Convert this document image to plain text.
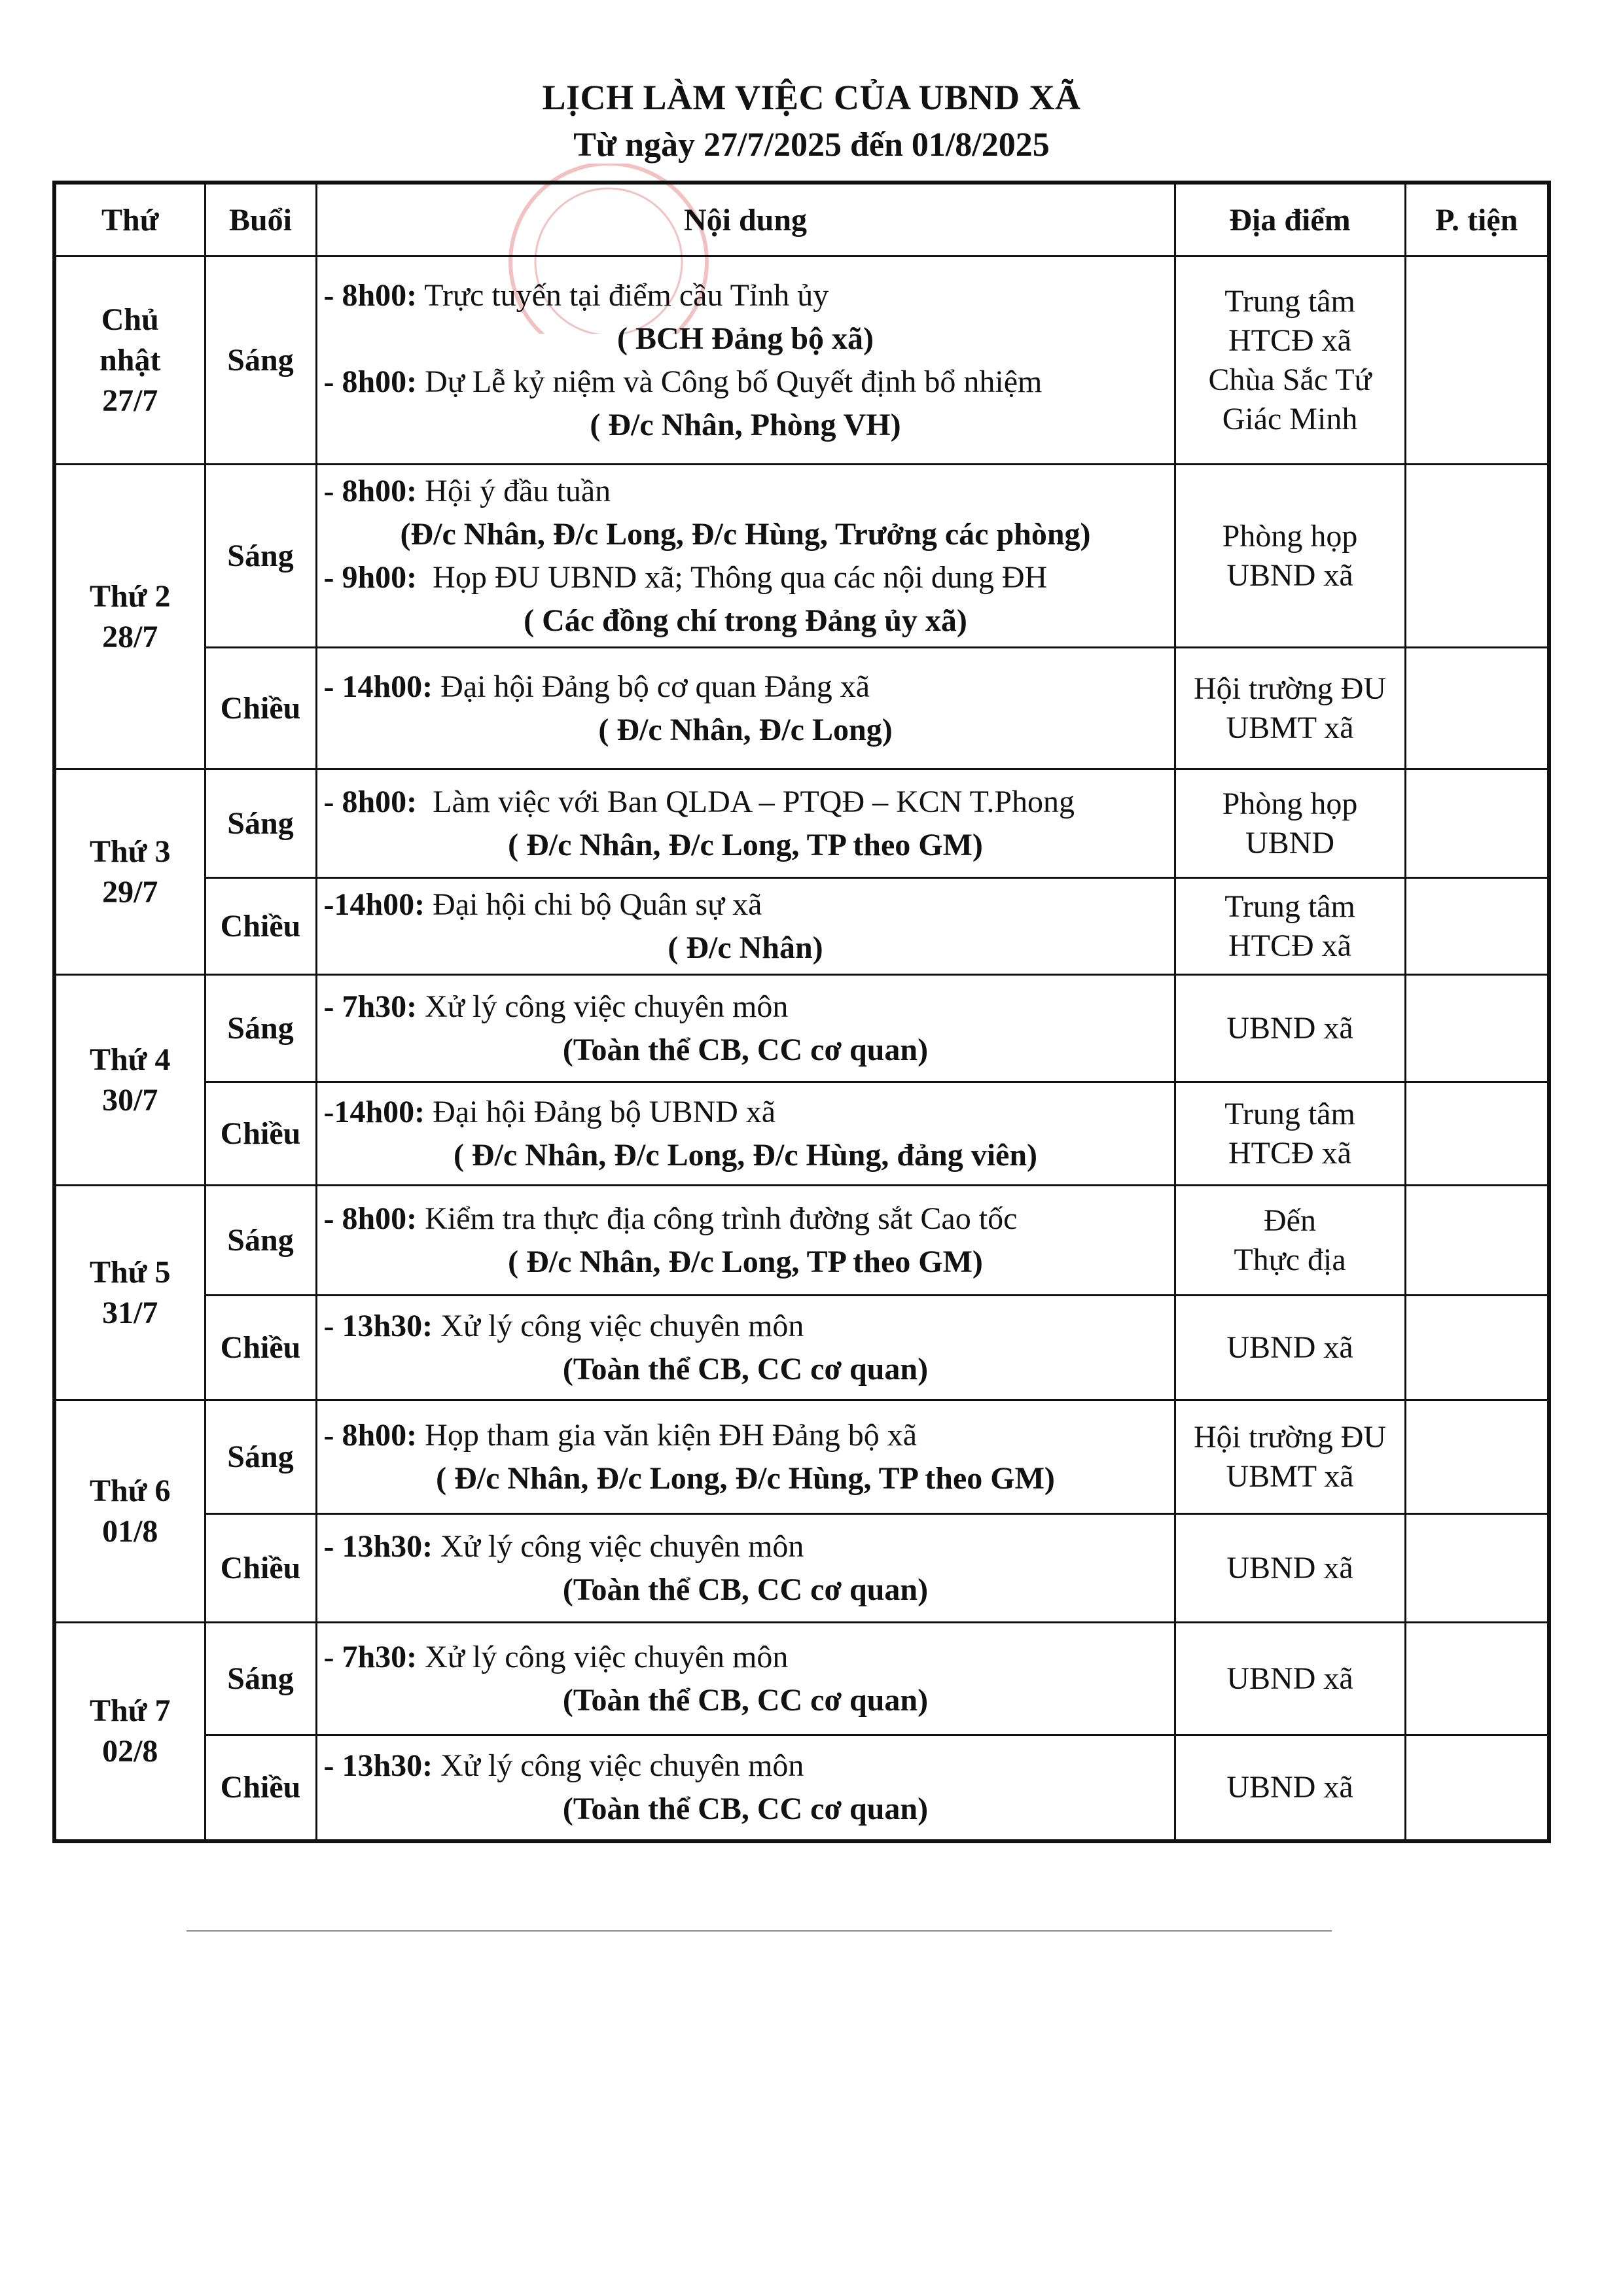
LỊCH LÀM VIỆC CỦA UBND XÃ
Từ ngày 27/7/2025 đến 01/8/2025
Thứ	Buổi	Nội dung	Địa điểm	P. tiện

Chủ
nhật
27/7	Sáng	- 8h00: Trực tuyến tại điểm cầu Tỉnh ủy
( BCH Đảng bộ xã)
- 8h00: Dự Lễ kỷ niệm và Công bố Quyết định bổ nhiệm
( Đ/c Nhân, Phòng VH)	Trung tâm
HTCĐ xã
Chùa Sắc Tứ
Giác Minh	

Thứ 2
28/7	Sáng	- 8h00: Hội ý đầu tuần
(Đ/c Nhân, Đ/c Long, Đ/c Hùng, Trưởng các phòng)
- 9h00:  Họp ĐU UBND xã; Thông qua các nội dung ĐH
( Các đồng chí trong Đảng ủy xã)	Phòng họp
UBND xã	

	Chiều	- 14h00: Đại hội Đảng bộ cơ quan Đảng xã
( Đ/c Nhân, Đ/c Long)	Hội trường ĐU
UBMT xã	

Thứ 3
29/7	Sáng	- 8h00:  Làm việc với Ban QLDA – PTQĐ – KCN T.Phong
( Đ/c Nhân, Đ/c Long, TP theo GM)	Phòng họp
UBND	

	Chiều	-14h00: Đại hội chi bộ Quân sự xã
( Đ/c Nhân)	Trung tâm
HTCĐ xã	

Thứ 4
30/7	Sáng	- 7h30: Xử lý công việc chuyên môn
(Toàn thể CB, CC cơ quan)	UBND xã	

	Chiều	-14h00: Đại hội Đảng bộ UBND xã
( Đ/c Nhân, Đ/c Long, Đ/c Hùng, đảng viên)	Trung tâm
HTCĐ xã	

Thứ 5
31/7	Sáng	- 8h00: Kiểm tra thực địa công trình đường sắt Cao tốc
( Đ/c Nhân, Đ/c Long, TP theo GM)	Đến
Thực địa	

	Chiều	- 13h30: Xử lý công việc chuyên môn
(Toàn thể CB, CC cơ quan)	UBND xã	

Thứ 6
01/8	Sáng	- 8h00: Họp tham gia văn kiện ĐH Đảng bộ xã
( Đ/c Nhân, Đ/c Long, Đ/c Hùng, TP theo GM)	Hội trường ĐU
UBMT xã	

	Chiều	- 13h30: Xử lý công việc chuyên môn
(Toàn thể CB, CC cơ quan)	UBND xã	

Thứ 7
02/8	Sáng	- 7h30: Xử lý công việc chuyên môn
(Toàn thể CB, CC cơ quan)	UBND xã	

	Chiều	- 13h30: Xử lý công việc chuyên môn
(Toàn thể CB, CC cơ quan)	UBND xã	
